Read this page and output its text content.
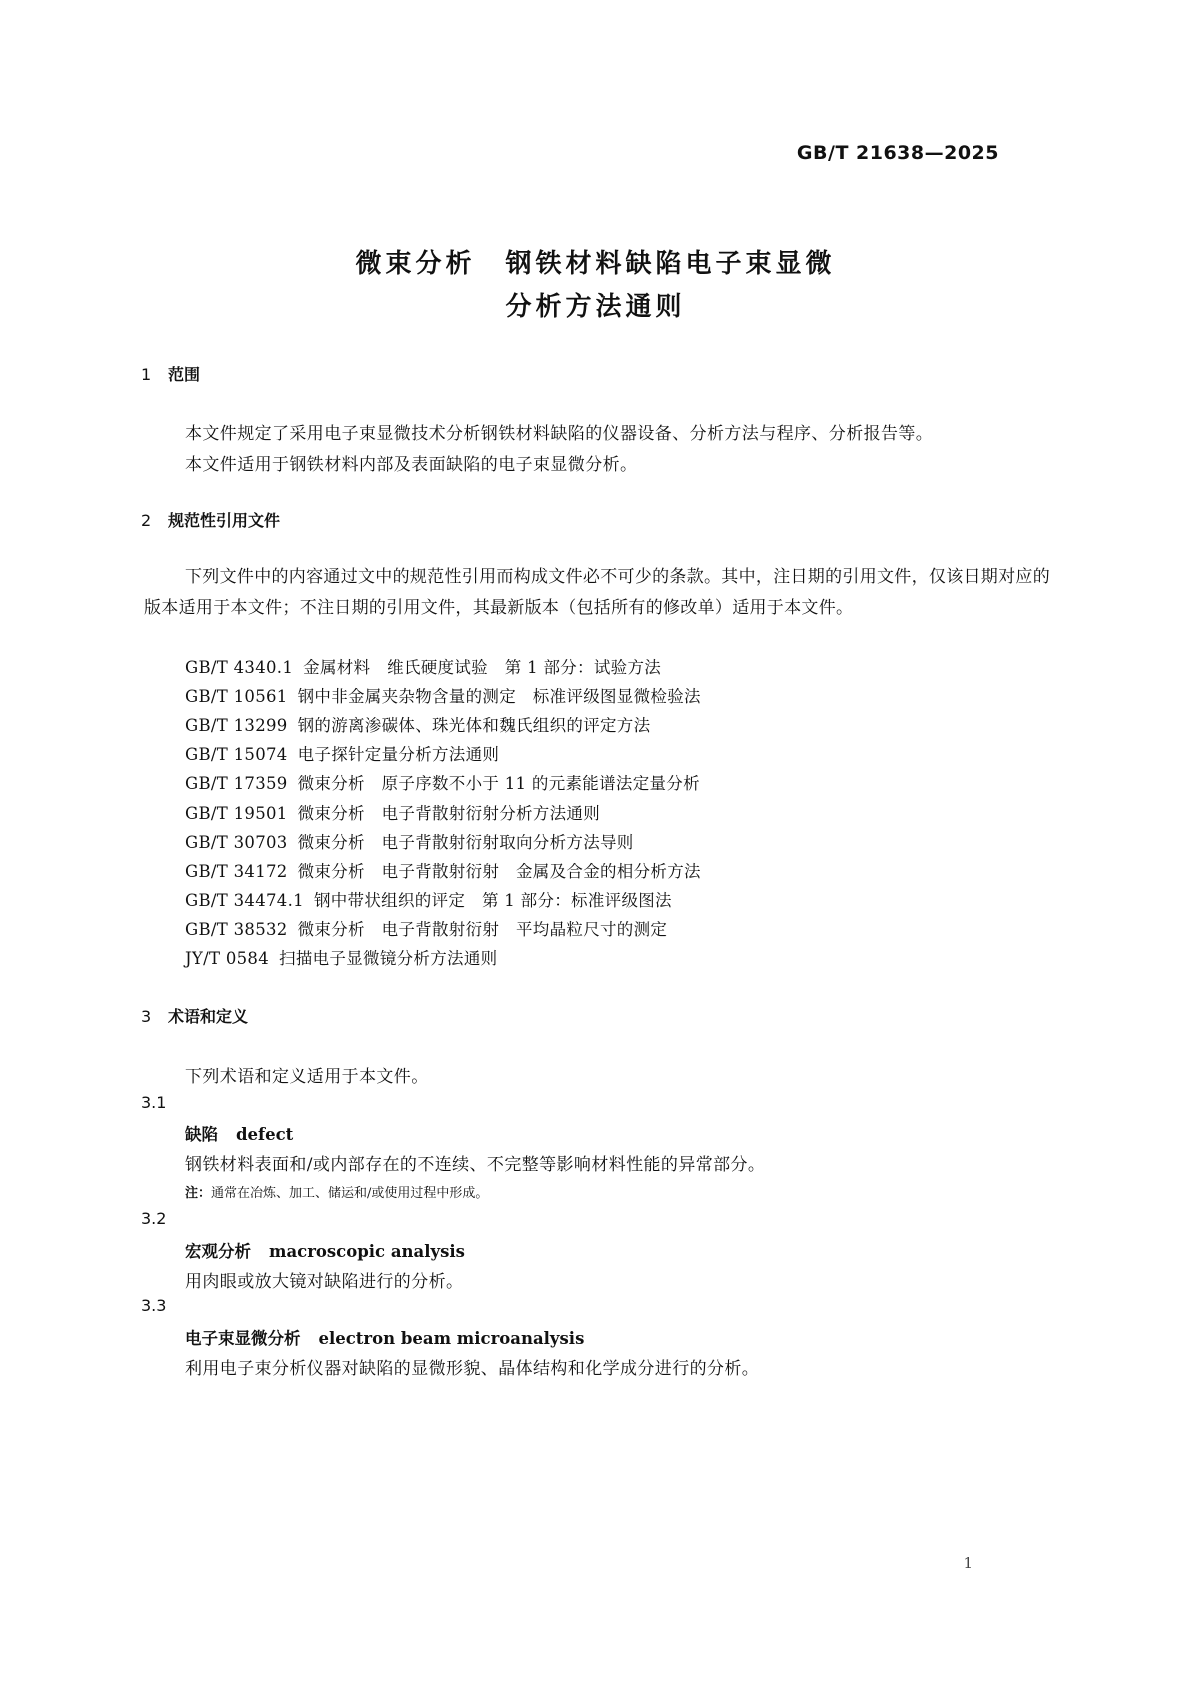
GB/T 21638—2025
微束分析　钢铁材料缺陷电子束显微
分析方法通则
1 范围
本文件规定了采用电子束显微技术分析钢铁材料缺陷的仪器设备、分析方法与程序、分析报告等。
本文件适用于钢铁材料内部及表面缺陷的电子束显微分析。
2 规范性引用文件
下列文件中的内容通过文中的规范性引用而构成文件必不可少的条款。其中，注日期的引用文件，仅该日期对应的版本适用于本文件；不注日期的引用文件，其最新版本（包括所有的修改单）适用于本文件。
GB/T 4340.1 金属材料　维氏硬度试验　第 1 部分：试验方法
GB/T 10561 钢中非金属夹杂物含量的测定　标准评级图显微检验法
GB/T 13299 钢的游离渗碳体、珠光体和魏氏组织的评定方法
GB/T 15074 电子探针定量分析方法通则
GB/T 17359 微束分析　原子序数不小于 11 的元素能谱法定量分析
GB/T 19501 微束分析　电子背散射衍射分析方法通则
GB/T 30703 微束分析　电子背散射衍射取向分析方法导则
GB/T 34172 微束分析　电子背散射衍射　金属及合金的相分析方法
GB/T 34474.1 钢中带状组织的评定　第 1 部分：标准评级图法
GB/T 38532 微束分析　电子背散射衍射　平均晶粒尺寸的测定
JY/T 0584 扫描电子显微镜分析方法通则
3 术语和定义
下列术语和定义适用于本文件。
3.1
缺陷 defect
钢铁材料表面和/或内部存在的不连续、不完整等影响材料性能的异常部分。
注：通常在冶炼、加工、储运和/或使用过程中形成。
3.2
宏观分析 macroscopic analysis
用肉眼或放大镜对缺陷进行的分析。
3.3
电子束显微分析 electron beam microanalysis
利用电子束分析仪器对缺陷的显微形貌、晶体结构和化学成分进行的分析。
1
